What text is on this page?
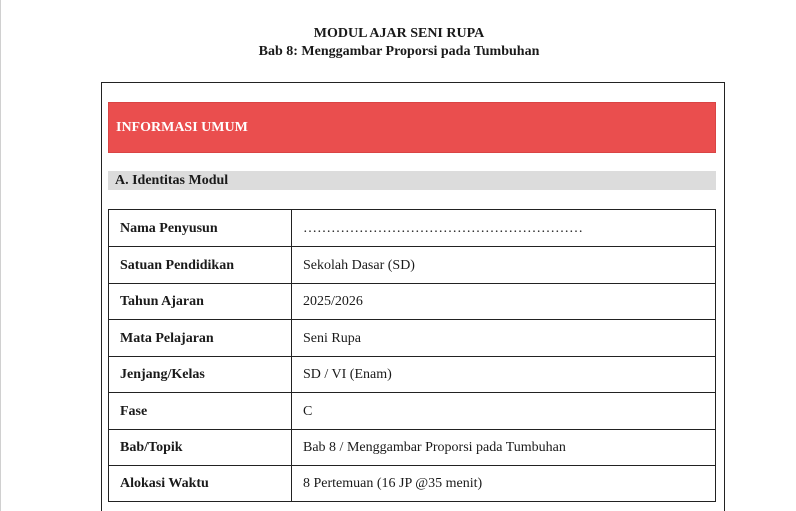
MODUL AJAR SENI RUPA
Bab 8: Menggambar Proporsi pada Tumbuhan
INFORMASI UMUM
A. Identitas Modul
Nama Penyusun	……………………………………………………
Satuan Pendidikan	Sekolah Dasar (SD)
Tahun Ajaran	2025/2026
Mata Pelajaran	Seni Rupa
Jenjang/Kelas	SD / VI (Enam)
Fase	C
Bab/Topik	Bab 8 / Menggambar Proporsi pada Tumbuhan
Alokasi Waktu	8 Pertemuan (16 JP @35 menit)
